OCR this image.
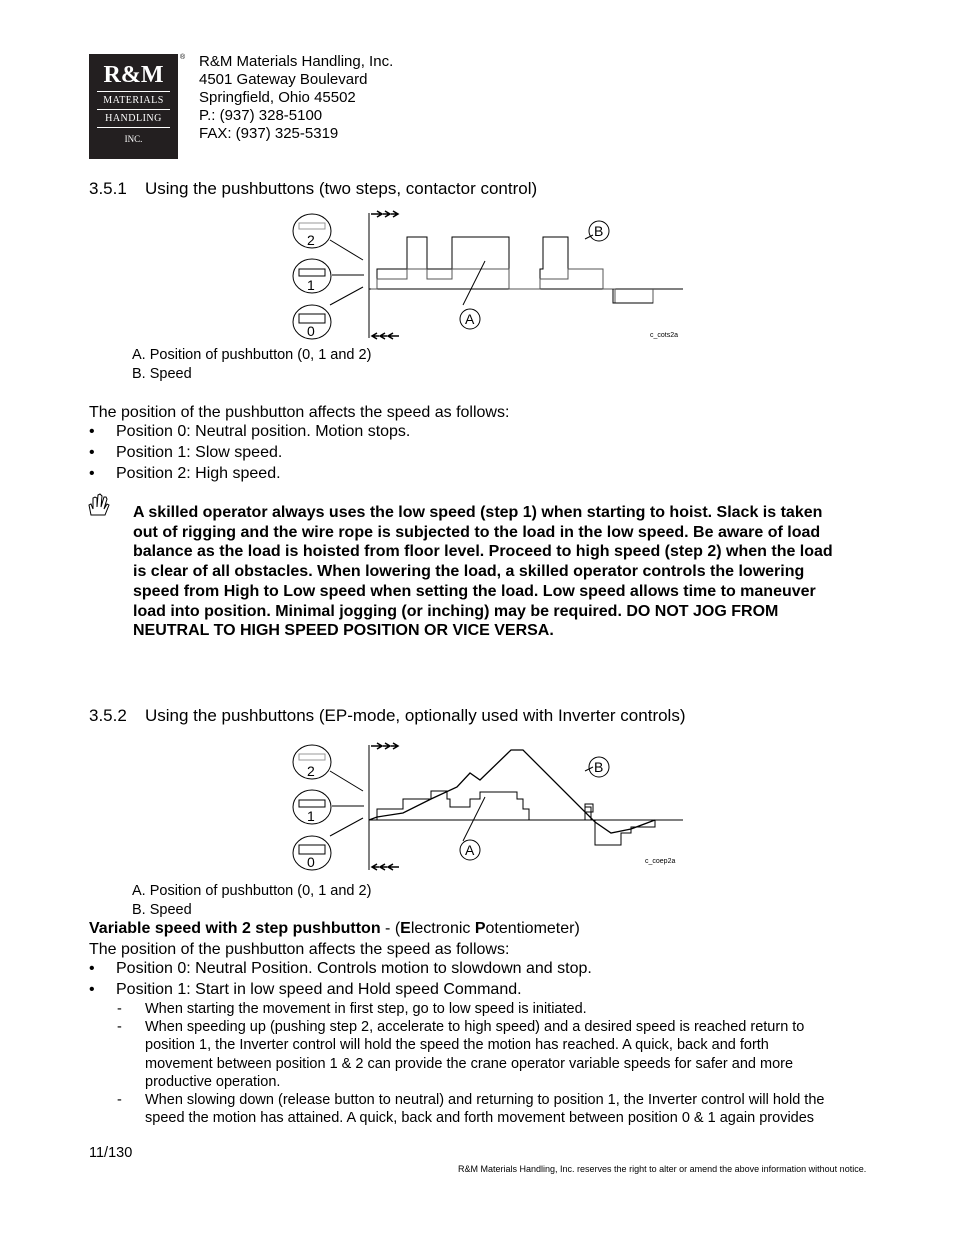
R&M
MATERIALS
HANDLING
INC.
® R&M Materials Handling, Inc.
4501 Gateway Boulevard
Springfield, Ohio 45502
P.: (937) 328-5100
FAX: (937) 325-5319
3.5.1 Using the pushbuttons (two steps, contactor control)
2
1
0
A
B
c_cots2a
A. Position of pushbutton (0, 1 and 2)
B. Speed
The position of the pushbutton affects the speed as follows:
• Position 0: Neutral position. Motion stops.
• Position 1: Slow speed.
• Position 2: High speed.
A skilled operator always uses the low speed (step 1) when starting to hoist. Slack is taken
out of rigging and the wire rope is subjected to the load in the low speed. Be aware of load
balance as the load is hoisted from floor level. Proceed to high speed (step 2) when the load
is clear of all obstacles. When lowering the load, a skilled operator controls the lowering
speed from High to Low speed when setting the load. Low speed allows time to maneuver
load into position. Minimal jogging (or inching) may be required. DO NOT JOG FROM
NEUTRAL TO HIGH SPEED POSITION OR VICE VERSA.
3.5.2 Using the pushbuttons (EP-mode, optionally used with Inverter controls)
2
1
0
A
B
c_coep2a
A. Position of pushbutton (0, 1 and 2)
B. Speed
Variable speed with 2 step pushbutton - (Electronic Potentiometer)
The position of the pushbutton affects the speed as follows:
• Position 0: Neutral Position. Controls motion to slowdown and stop.
• Position 1: Start in low speed and Hold speed Command.
- When starting the movement in first step, go to low speed is initiated.
- When speeding up (pushing step 2, accelerate to high speed) and a desired speed is reached return to
position 1, the Inverter control will hold the speed the motion has reached. A quick, back and forth
movement between position 1 & 2 can provide the crane operator variable speeds for safer and more
productive operation.
- When slowing down (release button to neutral) and returning to position 1, the Inverter control will hold the
speed the motion has attained. A quick, back and forth movement between position 0 & 1 again provides
11/130
R&M Materials Handling, Inc. reserves the right to alter or amend the above information without notice.
